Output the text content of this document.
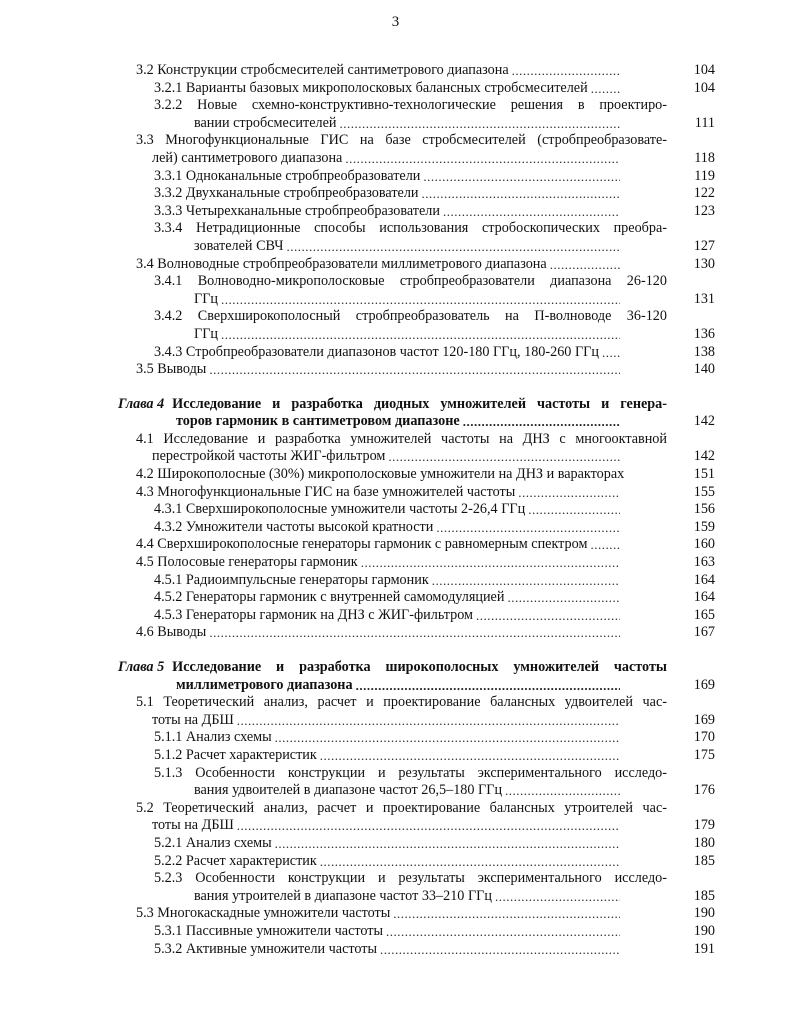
3
3.2 Конструкции стробсмесителей сантиметрового диапазона .....	104
3.2.1 Варианты базовых микрополосковых балансных стробсмесителей .....	104
3.2.2 Новые схемно-конструктивно-технологические решения в проектиро-
вании стробсмесителей .....	111
3.3 Многофункциональные ГИС на базе стробсмесителей (стробпреобразовате-
лей) сантиметрового диапазона .....	118
3.3.1 Одноканальные стробпреобразователи .....	119
3.3.2 Двухканальные стробпреобразователи .....	122
3.3.3 Четырехканальные стробпреобразователи .....	123
3.3.4 Нетрадиционные способы использования стробоскопических преобра-
зователей СВЧ .....	127
3.4 Волноводные стробпреобразователи миллиметрового диапазона .....	130
3.4.1 Волноводно-микрополосковые стробпреобразователи диапазона 26-120
ГГц .....	131
3.4.2 Сверхширокополосный стробпреобразователь на П-волноводе 36-120
ГГц .....	136
3.4.3 Стробпреобразователи диапазонов частот 120-180 ГГц, 180-260 ГГц .....	138
3.5 Выводы .....	140
Глава 4 Исследование и разработка диодных умножителей частоты и генера-
торов гармоник в сантиметровом диапазоне .....	142
4.1 Исследование и разработка умножителей частоты на ДНЗ с многооктавной
перестройкой частоты ЖИГ-фильтром .....	142
4.2 Широкополосные (30%) микрополосковые умножители на ДНЗ и варакторах	151
4.3 Многофункциональные ГИС на базе умножителей частоты .....	155
4.3.1 Сверхширокополосные умножители частоты 2-26,4 ГГц .....	156
4.3.2 Умножители частоты высокой кратности .....	159
4.4 Сверхширокополосные генераторы гармоник с равномерным спектром .....	160
4.5 Полосовые генераторы гармоник .....	163
4.5.1 Радиоимпульсные генераторы гармоник .....	164
4.5.2 Генераторы гармоник с внутренней самомодуляцией .....	164
4.5.3 Генераторы гармоник на ДНЗ с ЖИГ-фильтром .....	165
4.6 Выводы .....	167
Глава 5 Исследование и разработка широкополосных умножителей частоты
миллиметрового диапазона .....	169
5.1 Теоретический анализ, расчет и проектирование балансных удвоителей час-
тоты на ДБШ .....	169
5.1.1 Анализ схемы .....	170
5.1.2 Расчет характеристик .....	175
5.1.3 Особенности конструкции и результаты экспериментального исследо-
вания удвоителей в диапазоне частот 26,5–180 ГГц .....	176
5.2 Теоретический анализ, расчет и проектирование балансных утроителей час-
тоты на ДБШ .....	179
5.2.1 Анализ схемы .....	180
5.2.2 Расчет характеристик .....	185
5.2.3 Особенности конструкции и результаты экспериментального исследо-
вания утроителей в диапазоне частот 33–210 ГГц .....	185
5.3 Многокаскадные умножители частоты .....	190
5.3.1 Пассивные умножители частоты .....	190
5.3.2 Активные умножители частоты .....	191
